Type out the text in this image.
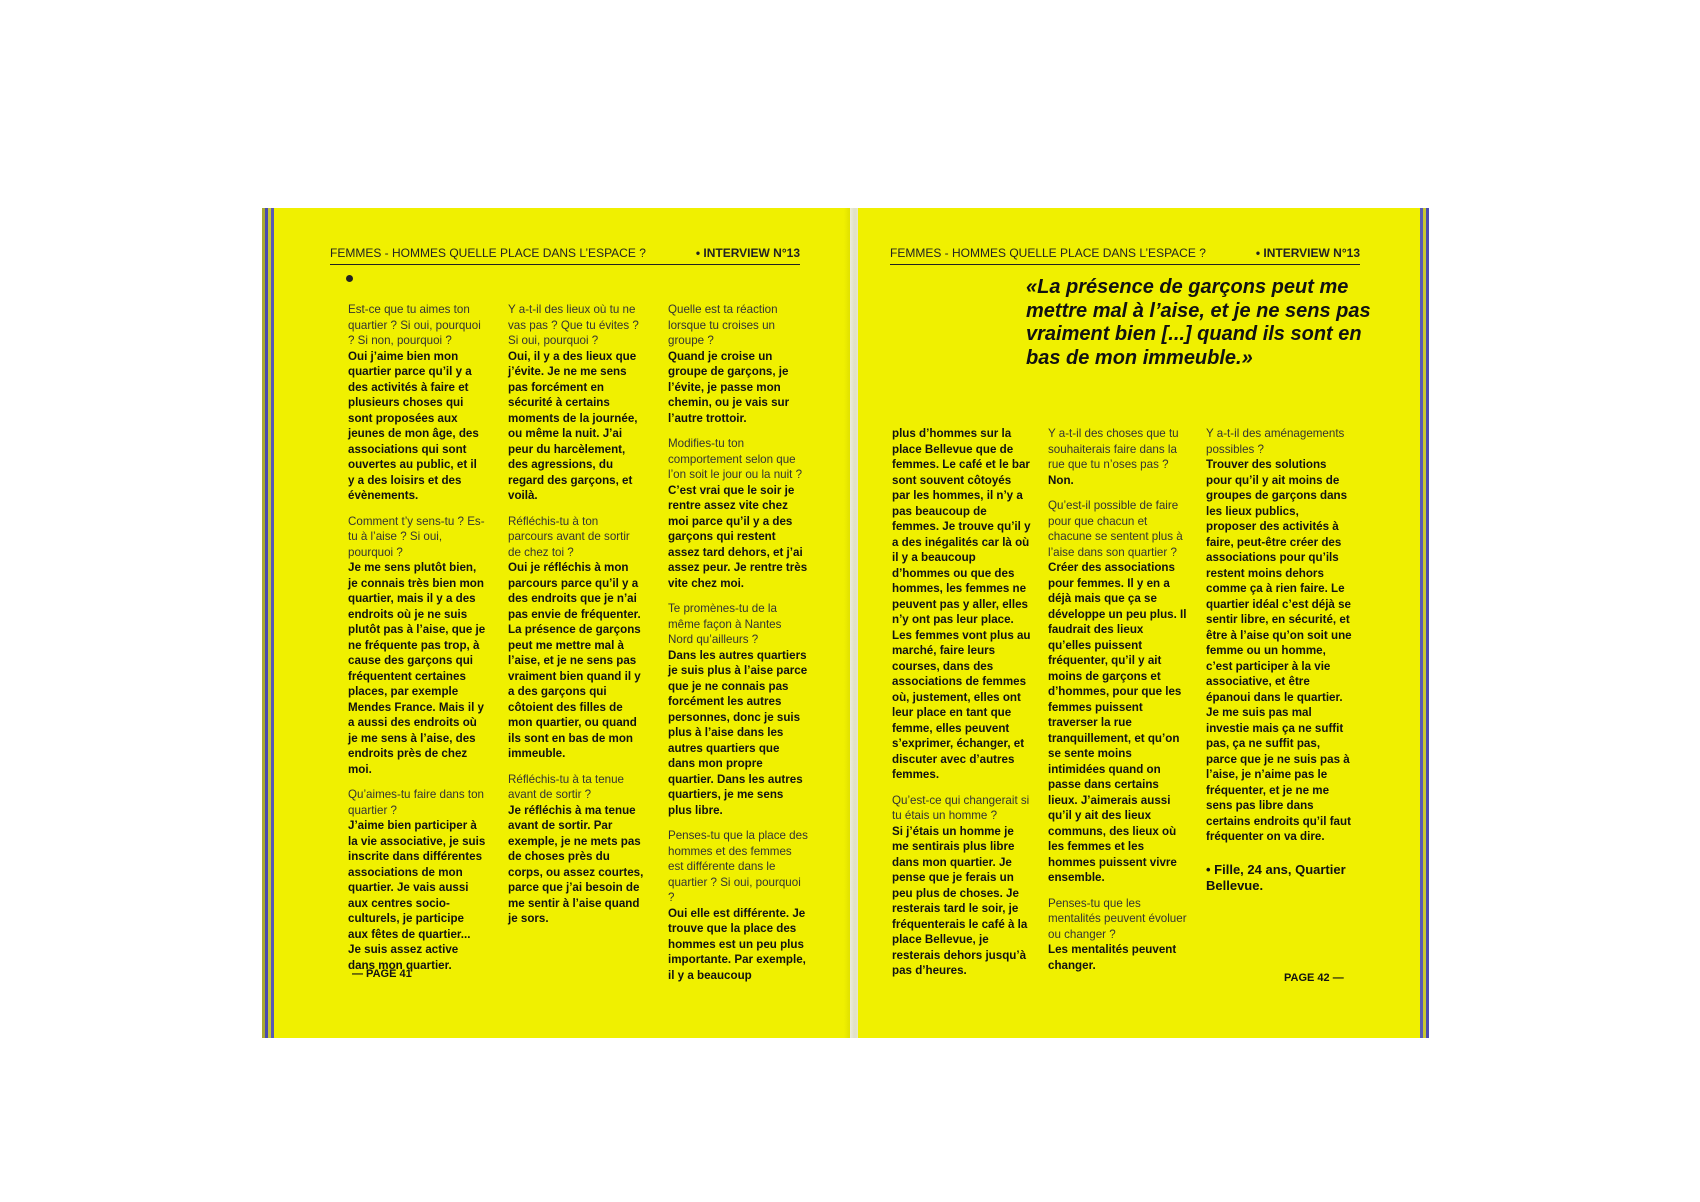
FEMMES - HOMMES QUELLE PLACE DANS L’ESPACE ?	• INTERVIEW N°13

Est-ce que tu aimes ton quartier ? Si oui, pourquoi ? Si non, pourquoi ?

Oui j’aime bien mon quartier parce qu’il y a des activités à faire et plusieurs choses qui sont proposées aux jeunes de mon âge, des associations qui sont ouvertes au public, et il y a des loisirs et des évènements.

Comment t’y sens-tu ? Es-tu à l’aise ? Si oui, pourquoi ?

Je me sens plutôt bien, je connais très bien mon quartier, mais il y a des endroits où je ne suis plutôt pas à l’aise, que je ne fréquente pas trop, à cause des garçons qui fréquentent certaines places, par exemple Mendes France. Mais il y a aussi des endroits où je me sens à l’aise, des endroits près de chez moi.

Qu’aimes-tu faire dans ton quartier ?

J’aime bien participer à la vie associative, je suis inscrite dans différentes associations de mon quartier. Je vais aussi aux centres socio-culturels, je participe aux fêtes de quartier... Je suis assez active dans mon quartier.

Y a-t-il des lieux où tu ne vas pas ? Que tu évites ? Si oui, pourquoi ?

Oui, il y a des lieux que j’évite. Je ne me sens pas forcément en sécurité à certains moments de la journée, ou même la nuit. J’ai peur du harcèlement, des agressions, du regard des garçons, et voilà.

Réfléchis-tu à ton parcours avant de sortir de chez toi ?

Oui je réfléchis à mon parcours parce qu’il y a des endroits que je n’ai pas envie de fréquenter. La présence de garçons peut me mettre mal à l’aise, et je ne sens pas vraiment bien quand il y a des garçons qui côtoient des filles de mon quartier, ou quand ils sont en bas de mon immeuble.

Réfléchis-tu à ta tenue avant de sortir ?

Je réfléchis à ma tenue avant de sortir. Par exemple, je ne mets pas de choses près du corps, ou assez courtes, parce que j’ai besoin de me sentir à l’aise quand je sors.

Quelle est ta réaction lorsque tu croises un groupe ?

Quand je croise un groupe de garçons, je l’évite, je passe mon chemin, ou je vais sur l’autre trottoir.

Modifies-tu ton comportement selon que l’on soit le jour ou la nuit ?

C’est vrai que le soir je rentre assez vite chez moi parce qu’il y a des garçons qui restent assez tard dehors, et j’ai assez peur. Je rentre très vite chez moi.

Te promènes-tu de la même façon à Nantes Nord qu’ailleurs ?

Dans les autres quartiers je suis plus à l’aise parce que je ne connais pas forcément les autres personnes, donc je suis plus à l’aise dans les autres quartiers que dans mon propre quartier. Dans les autres quartiers, je me sens plus libre.

Penses-tu que la place des hommes et des femmes est différente dans le quartier ? Si oui, pourquoi ?

Oui elle est différente. Je trouve que la place des hommes est un peu plus importante. Par exemple, il y a beaucoup

— PAGE 41
FEMMES - HOMMES QUELLE PLACE DANS L’ESPACE ?	• INTERVIEW N°13
«La présence de garçons peut me mettre mal à l’aise, et je ne sens pas vraiment bien [...] quand ils sont en bas de mon immeuble.»

plus d’hommes sur la place Bellevue que de femmes. Le café et le bar sont souvent côtoyés par les hommes, il n’y a pas beaucoup de femmes. Je trouve qu’il y a des inégalités car là où il y a beaucoup d’hommes ou que des hommes, les femmes ne peuvent pas y aller, elles n’y ont pas leur place. Les femmes vont plus au marché, faire leurs courses, dans des associations de femmes où, justement, elles ont leur place en tant que femme, elles peuvent s’exprimer, échanger, et discuter avec d’autres femmes.

Qu’est-ce qui changerait si tu étais un homme ?

Si j’étais un homme je me sentirais plus libre dans mon quartier. Je pense que je ferais un peu plus de choses. Je resterais tard le soir, je fréquenterais le café à la place Bellevue, je resterais dehors jusqu’à pas d’heures.

Y a-t-il des choses que tu souhaiterais faire dans la rue que tu n’oses pas ?

Non.

Qu’est-il possible de faire pour que chacun et chacune se sentent plus à l’aise dans son quartier ?

Créer des associations pour femmes. Il y en a déjà mais que ça se développe un peu plus. Il faudrait des lieux qu’elles puissent fréquenter, qu’il y ait moins de garçons et d’hommes, pour que les femmes puissent traverser la rue tranquillement, et qu’on se sente moins intimidées quand on passe dans certains lieux. J’aimerais aussi qu’il y ait des lieux communs, des lieux où les femmes et les hommes puissent vivre ensemble.

Penses-tu que les mentalités peuvent évoluer ou changer ?

Les mentalités peuvent changer.

Y a-t-il des aménagements possibles ?

Trouver des solutions pour qu’il y ait moins de groupes de garçons dans les lieux publics, proposer des activités à faire, peut-être créer des associations pour qu’ils restent moins dehors comme ça à rien faire. Le quartier idéal c’est déjà se sentir libre, en sécurité, et être à l’aise qu’on soit une femme ou un homme, c’est participer à la vie associative, et être épanoui dans le quartier. Je me suis pas mal investie mais ça ne suffit pas, ça ne suffit pas, parce que je ne suis pas à l’aise, je n’aime pas le fréquenter, et je ne me sens pas libre dans certains endroits qu’il faut fréquenter on va dire.

• Fille, 24 ans, Quartier Bellevue.
PAGE 42 —
